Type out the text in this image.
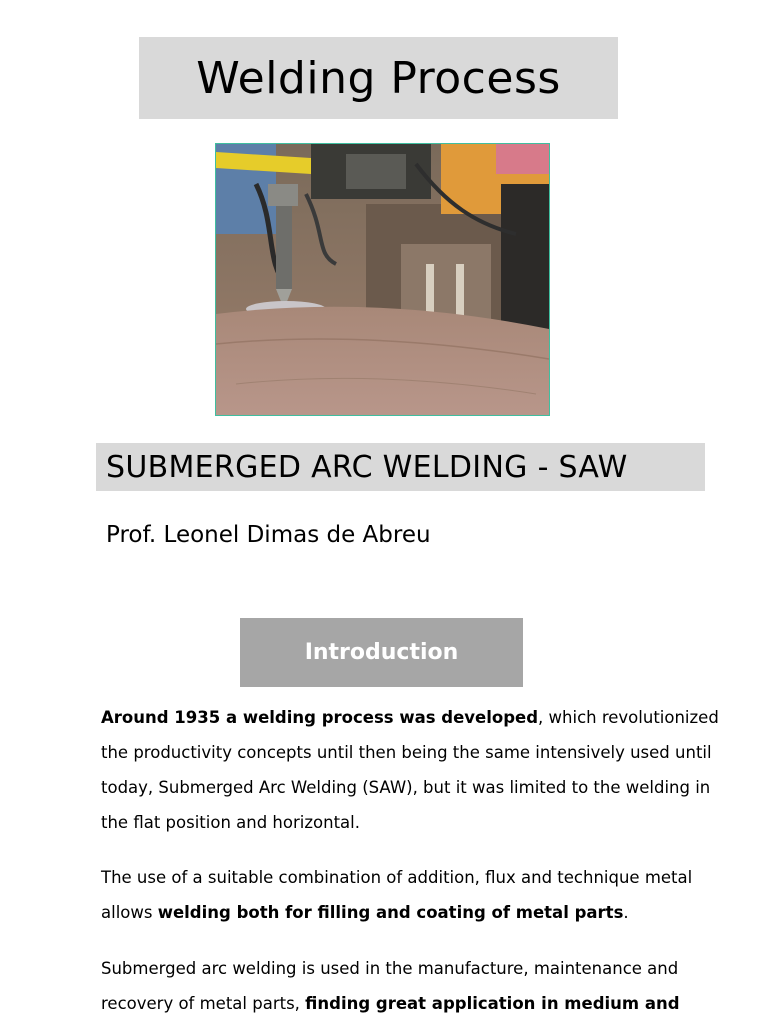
Welding Process
SUBMERGED ARC WELDING - SAW
Prof. Leonel Dimas de Abreu
Introduction

Around 1935 a welding process was developed, which revolutionized the productivity concepts until then being the same intensively used until today, Submerged Arc Welding (SAW), but it was limited to the welding in the flat position and horizontal.

The use of a suitable combination of addition, flux and technique metal allows welding both for filling and coating of metal parts.

Submerged arc welding is used in the manufacture, maintenance and recovery of metal parts, finding great application in medium and
